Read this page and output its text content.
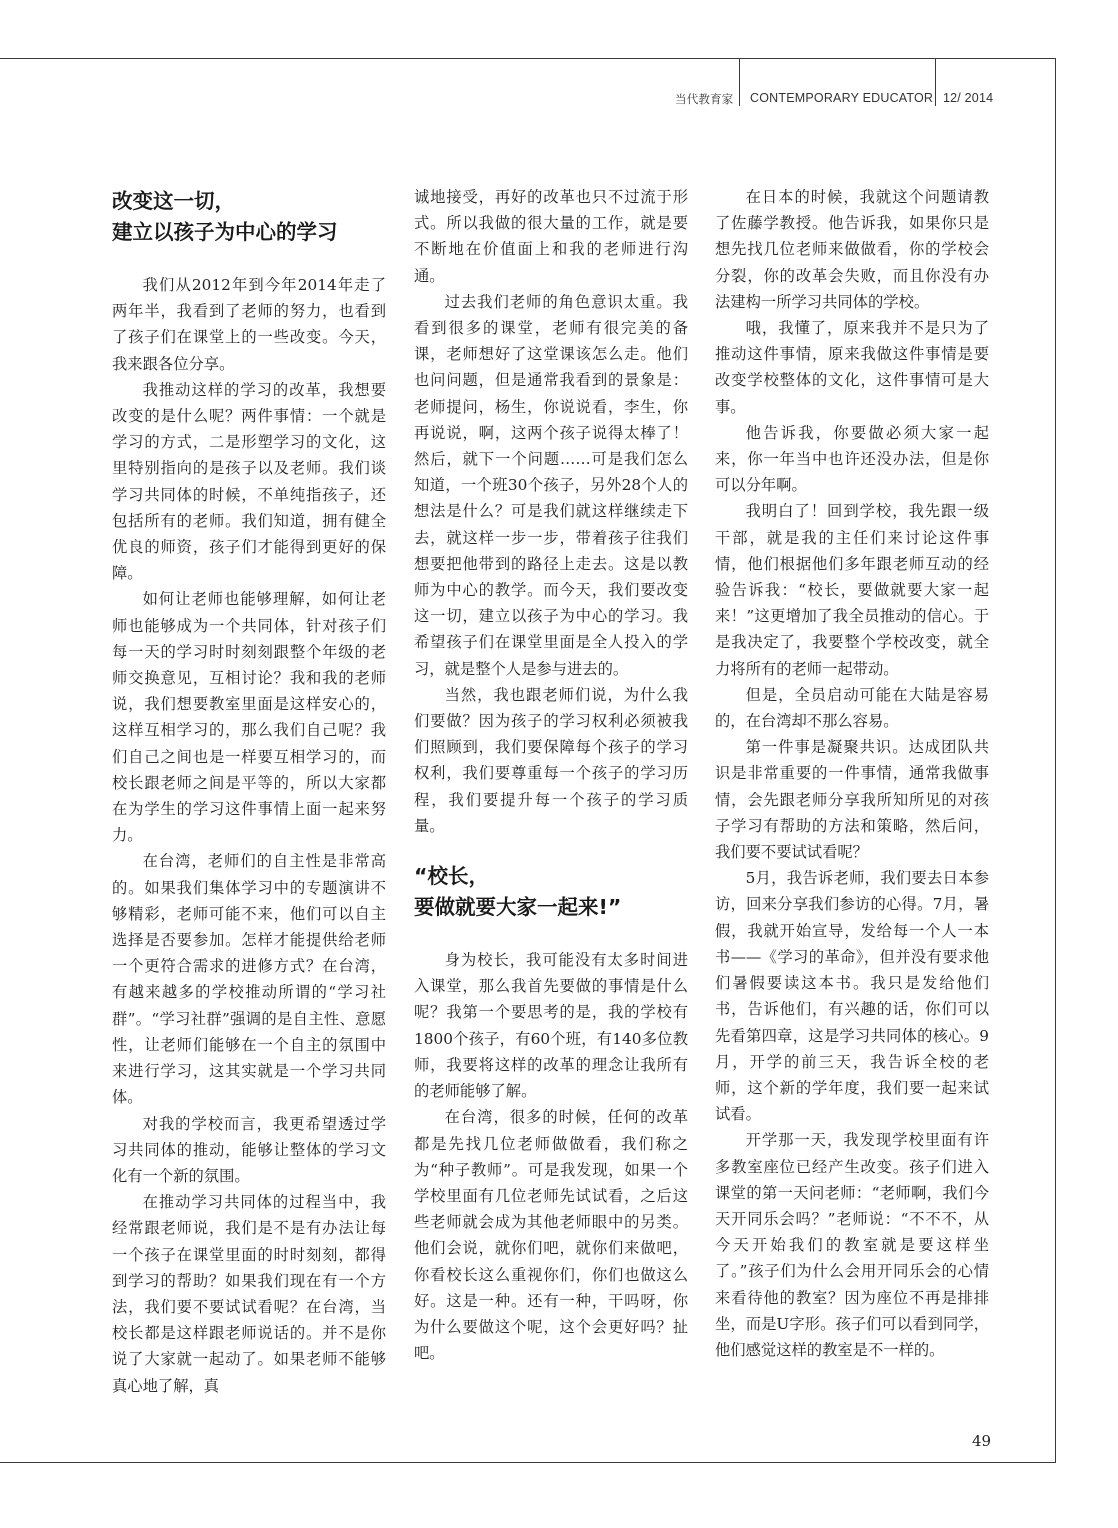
当代教育家 CONTEMPORARY EDUCATOR 12/ 2014
改变这一切，
建立以孩子为中心的学习

我们从2012年到今年2014年走了两年半，我看到了老师的努力，也看到了孩子们在课堂上的一些改变。今天，我来跟各位分享。

我推动这样的学习的改革，我想要改变的是什么呢？两件事情：一个就是学习的方式，二是形塑学习的文化，这里特别指向的是孩子以及老师。我们谈学习共同体的时候，不单纯指孩子，还包括所有的老师。我们知道，拥有健全优良的师资，孩子们才能得到更好的保障。

如何让老师也能够理解，如何让老师也能够成为一个共同体，针对孩子们每一天的学习时时刻刻跟整个年级的老师交换意见，互相讨论？我和我的老师说，我们想要教室里面是这样安心的，这样互相学习的，那么我们自己呢？我们自己之间也是一样要互相学习的，而校长跟老师之间是平等的，所以大家都在为学生的学习这件事情上面一起来努力。

在台湾，老师们的自主性是非常高的。如果我们集体学习中的专题演讲不够精彩，老师可能不来，他们可以自主选择是否要参加。怎样才能提供给老师一个更符合需求的进修方式？在台湾，有越来越多的学校推动所谓的“学习社群”。“学习社群”强调的是自主性、意愿性，让老师们能够在一个自主的氛围中来进行学习，这其实就是一个学习共同体。

对我的学校而言，我更希望透过学习共同体的推动，能够让整体的学习文化有一个新的氛围。

在推动学习共同体的过程当中，我经常跟老师说，我们是不是有办法让每一个孩子在课堂里面的时时刻刻，都得到学习的帮助？如果我们现在有一个方法，我们要不要试试看呢？在台湾，当校长都是这样跟老师说话的。并不是你说了大家就一起动了。如果老师不能够真心地了解，真

诚地接受，再好的改革也只不过流于形式。所以我做的很大量的工作，就是要不断地在价值面上和我的老师进行沟通。

过去我们老师的角色意识太重。我看到很多的课堂，老师有很完美的备课，老师想好了这堂课该怎么走。他们也问问题，但是通常我看到的景象是：老师提问，杨生，你说说看，李生，你再说说，啊，这两个孩子说得太棒了！然后，就下一个问题……可是我们怎么知道，一个班30个孩子，另外28个人的想法是什么？可是我们就这样继续走下去，就这样一步一步，带着孩子往我们想要把他带到的路径上走去。这是以教师为中心的教学。而今天，我们要改变这一切，建立以孩子为中心的学习。我希望孩子们在课堂里面是全人投入的学习，就是整个人是参与进去的。

当然，我也跟老师们说，为什么我们要做？因为孩子的学习权利必须被我们照顾到，我们要保障每个孩子的学习权利，我们要尊重每一个孩子的学习历程，我们要提升每一个孩子的学习质量。

“校长，
要做就要大家一起来!”

身为校长，我可能没有太多时间进入课堂，那么我首先要做的事情是什么呢？我第一个要思考的是，我的学校有1800个孩子，有60个班，有140多位教师，我要将这样的改革的理念让我所有的老师能够了解。

在台湾，很多的时候，任何的改革都是先找几位老师做做看，我们称之为“种子教师”。可是我发现，如果一个学校里面有几位老师先试试看，之后这些老师就会成为其他老师眼中的另类。他们会说，就你们吧，就你们来做吧，你看校长这么重视你们，你们也做这么好。这是一种。还有一种，干吗呀，你为什么要做这个呢，这个会更好吗？扯吧。

在日本的时候，我就这个问题请教了佐藤学教授。他告诉我，如果你只是想先找几位老师来做做看，你的学校会分裂，你的改革会失败，而且你没有办法建构一所学习共同体的学校。

哦，我懂了，原来我并不是只为了推动这件事情，原来我做这件事情是要改变学校整体的文化，这件事情可是大事。

他告诉我，你要做必须大家一起来，你一年当中也许还没办法，但是你可以分年啊。

我明白了！回到学校，我先跟一级干部，就是我的主任们来讨论这件事情，他们根据他们多年跟老师互动的经验告诉我：“校长，要做就要大家一起来！”这更增加了我全员推动的信心。于是我决定了，我要整个学校改变，就全力将所有的老师一起带动。

但是，全员启动可能在大陆是容易的，在台湾却不那么容易。

第一件事是凝聚共识。达成团队共识是非常重要的一件事情，通常我做事情，会先跟老师分享我所知所见的对孩子学习有帮助的方法和策略，然后问，我们要不要试试看呢？

5月，我告诉老师，我们要去日本参访，回来分享我们参访的心得。7月，暑假，我就开始宣导，发给每一个人一本书——《学习的革命》，但并没有要求他们暑假要读这本书。我只是发给他们书，告诉他们，有兴趣的话，你们可以先看第四章，这是学习共同体的核心。9月，开学的前三天，我告诉全校的老师，这个新的学年度，我们要一起来试试看。

开学那一天，我发现学校里面有许多教室座位已经产生改变。孩子们进入课堂的第一天问老师：“老师啊，我们今天开同乐会吗？”老师说：“不不不，从今天开始我们的教室就是要这样坐了。”孩子们为什么会用开同乐会的心情来看待他的教室？因为座位不再是排排坐，而是U字形。孩子们可以看到同学，他们感觉这样的教室是不一样的。

49
